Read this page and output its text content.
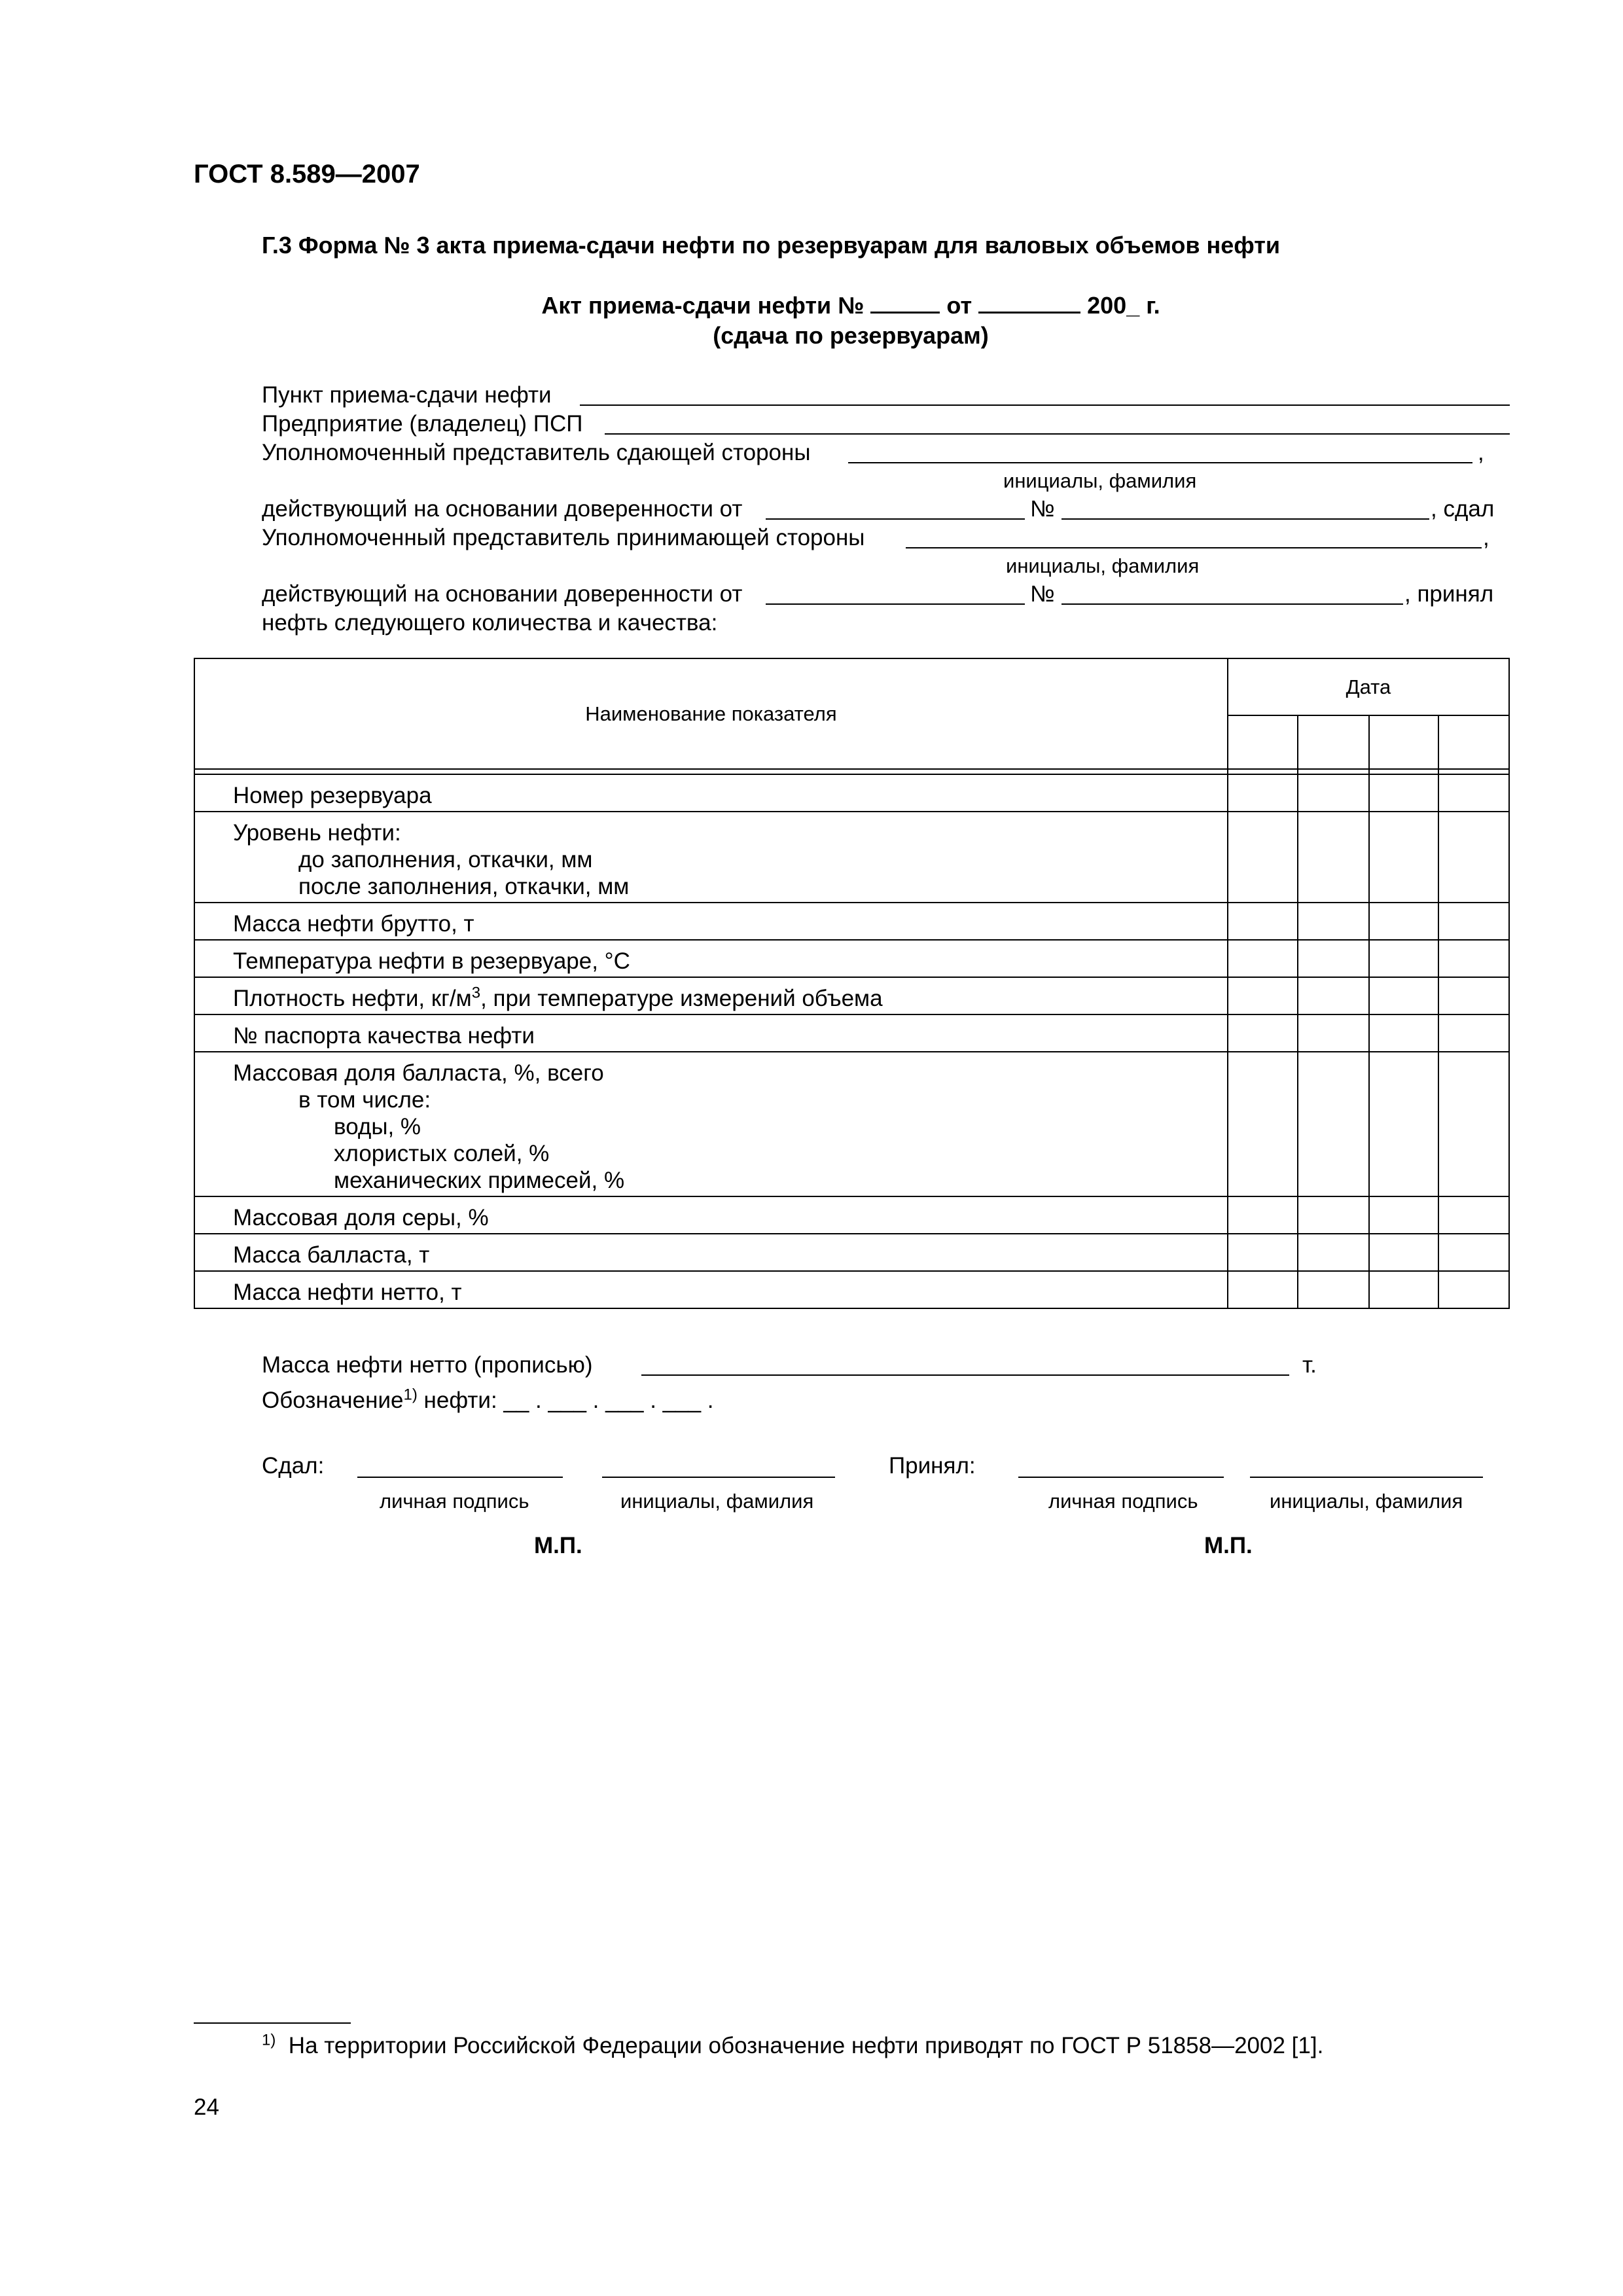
ГОСТ 8.589—2007
Г.3 Форма № 3 акта приема-сдачи нефти по резервуарам для валовых объемов нефти
Акт приема-сдачи нефти №	от	200_ г.
(сдача по резервуарам)
Пункт приема-сдачи нефти
Предприятие (владелец) ПСП
Уполномоченный представитель сдающей стороны	,
инициалы, фамилия
действующий на основании доверенности от	№	, сдал
Уполномоченный представитель принимающей стороны	,
инициалы, фамилия
действующий на основании доверенности от	№	, принял
нефть следующего количества и качества:
Наименование показателя	Дата			

Номер резервуара				

Уровень нефти:
до заполнения, откачки, мм
после заполнения, откачки, мм				

Масса нефти брутто, т				
Температура нефти в резервуаре, °С				
Плотность нефти, $кг/м^3$, при температуре измерений объема				
№ паспорта качества нефти				

Массовая доля балласта, %, всего
в том числе:
воды, %
хлористых солей, %
механических примесей, %				

Массовая доля серы, %				
Масса балласта, т				
Масса нефти нетто, т				
Масса нефти нетто (прописью)	т.
Обозначение$^{1)}$ нефти: __ . ___ . ___ . ___ .
Сдал:
личная подпись	инициалы, фамилия
М.П.
Принял:
личная подпись	инициалы, фамилия
М.П.
$^{1)}$ На территории Российской Федерации обозначение нефти приводят по ГОСТ Р 51858—2002 [1].
24
